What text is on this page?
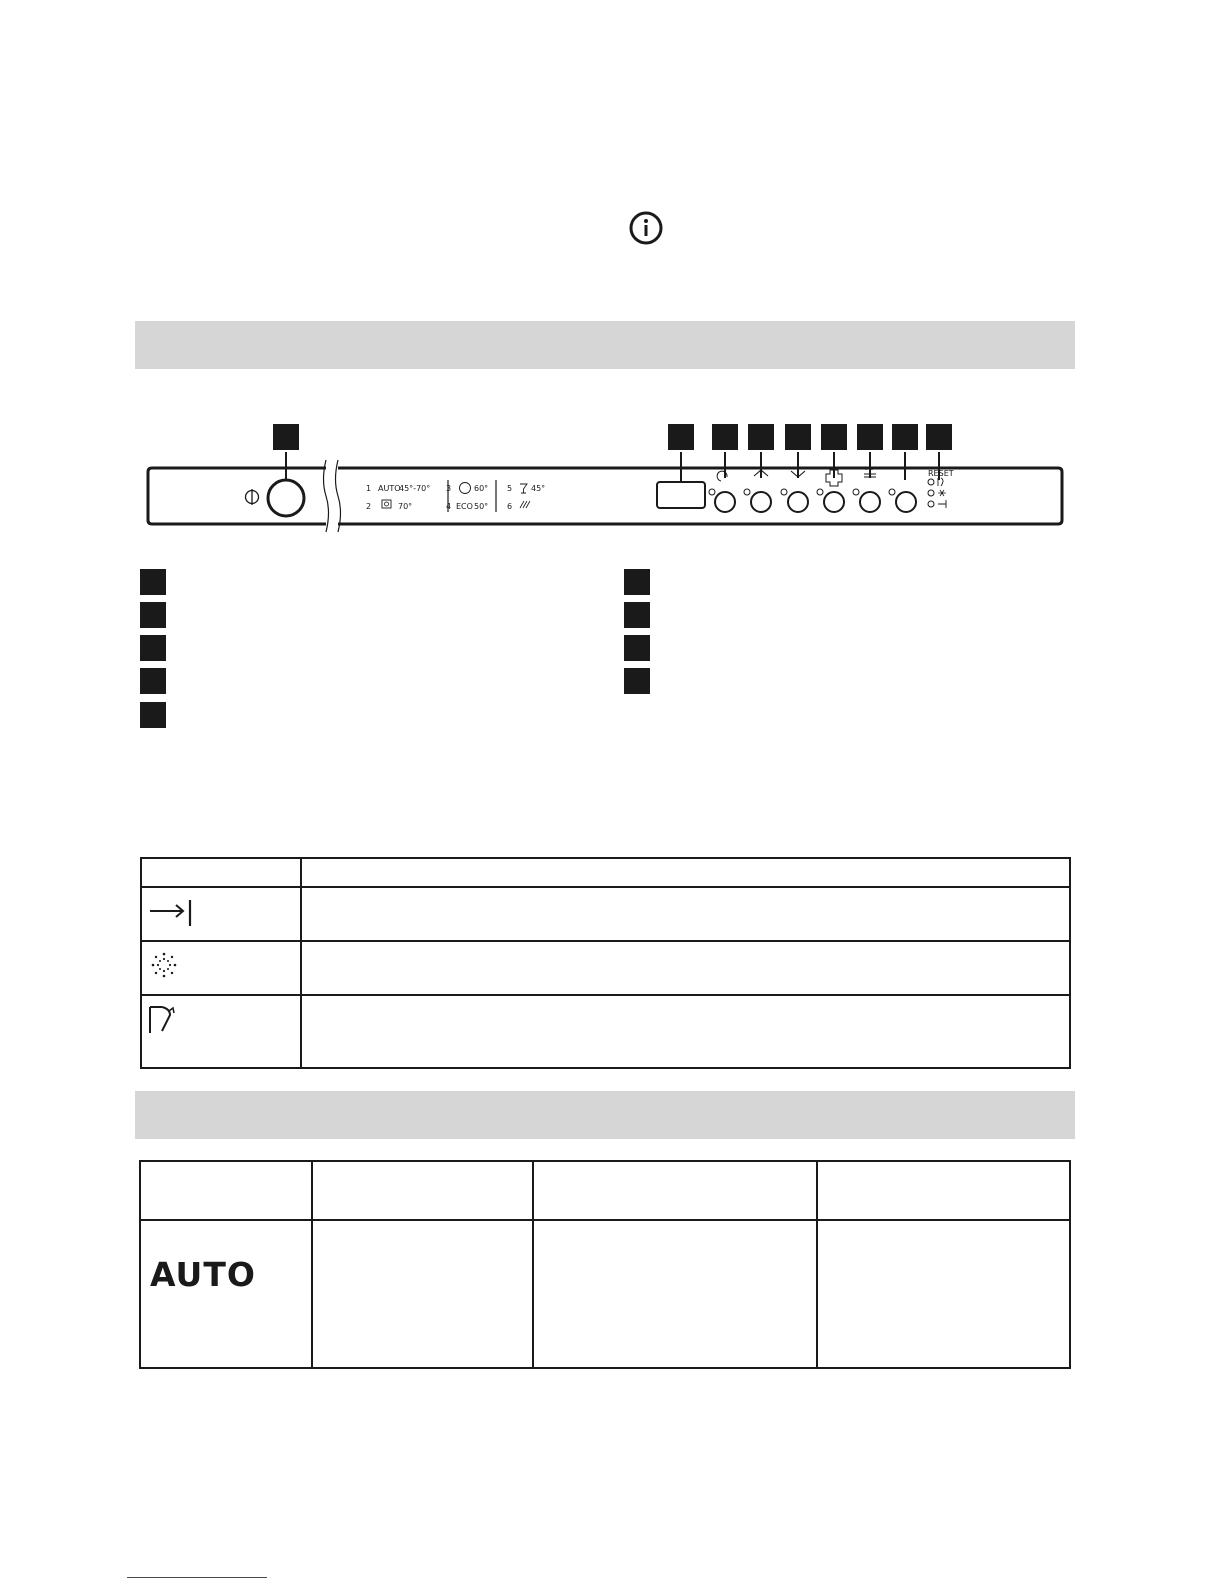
RESET
1 AUTO
45°-70°
2	70°
3	60°
4 ECO 50°
5 45°
6
AUTO
